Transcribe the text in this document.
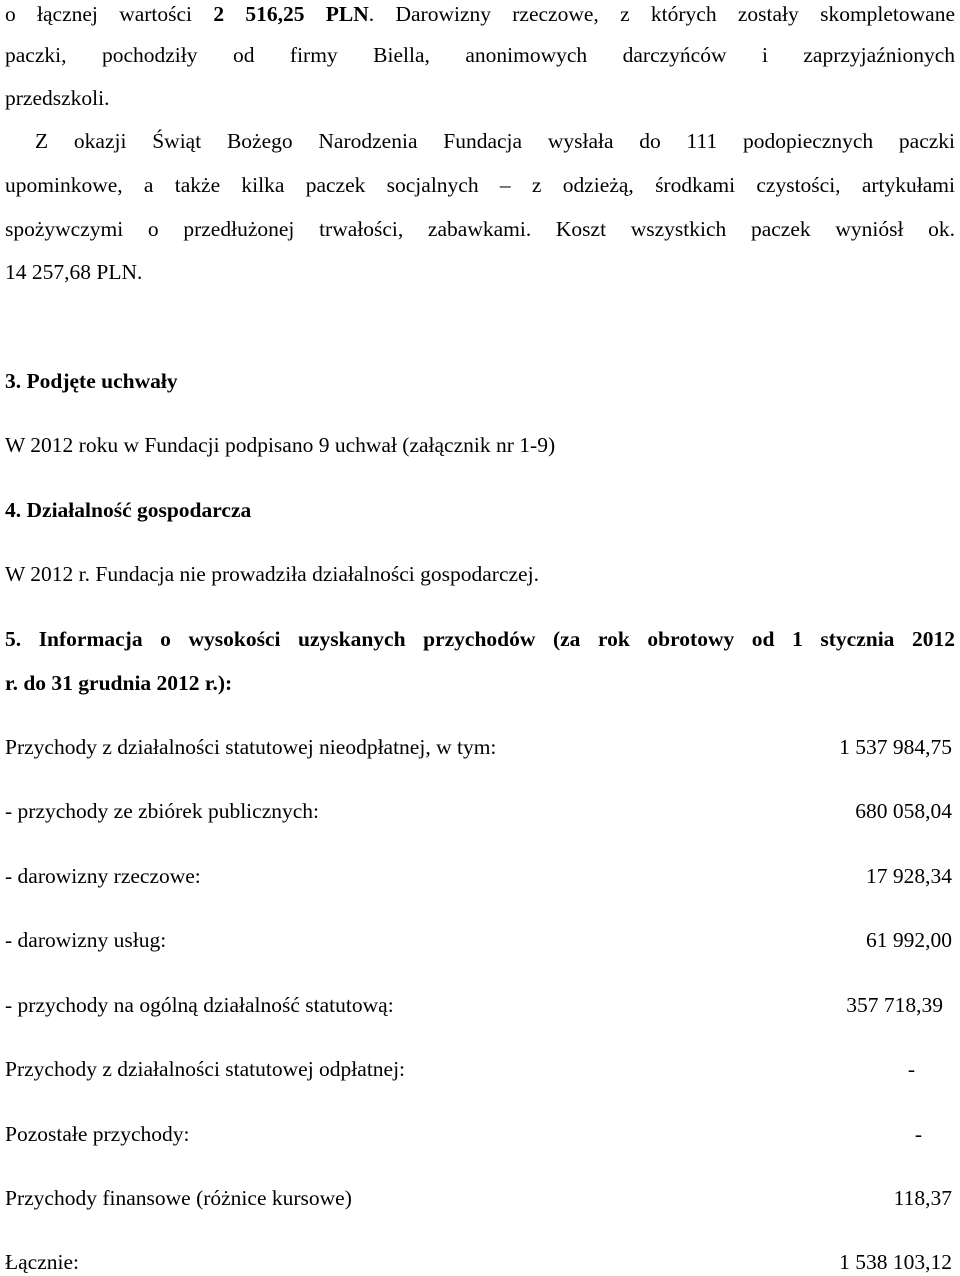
o łącznej wartości 2 516,25 PLN. Darowizny rzeczowe, z których zostały skompletowane
paczki, pochodziły od firmy Biella, anonimowych darczyńców i zaprzyjaźnionych
przedszkoli.
Z okazji Świąt Bożego Narodzenia Fundacja wysłała do 111 podopiecznych paczki
upominkowe, a także kilka paczek socjalnych – z odzieżą, środkami czystości, artykułami
spożywczymi o przedłużonej trwałości, zabawkami. Koszt wszystkich paczek wyniósł ok.
14 257,68 PLN.
3. Podjęte uchwały
W 2012 roku w Fundacji podpisano 9 uchwał (załącznik nr 1-9)
4. Działalność gospodarcza
W 2012 r. Fundacja nie prowadziła działalności gospodarczej.
5. Informacja o wysokości uzyskanych przychodów (za rok obrotowy od 1 stycznia 2012
r. do 31 grudnia 2012 r.):
Przychody z działalności statutowej nieodpłatnej, w tym:	1 537 984,75
- przychody ze zbiórek publicznych:	680 058,04
- darowizny rzeczowe:	17 928,34
- darowizny usług:	61 992,00
- przychody na ogólną działalność statutową:	357 718,39
Przychody z działalności statutowej odpłatnej:	-
Pozostałe przychody:	-
Przychody finansowe (różnice kursowe)	118,37
Łącznie:	1 538 103,12
